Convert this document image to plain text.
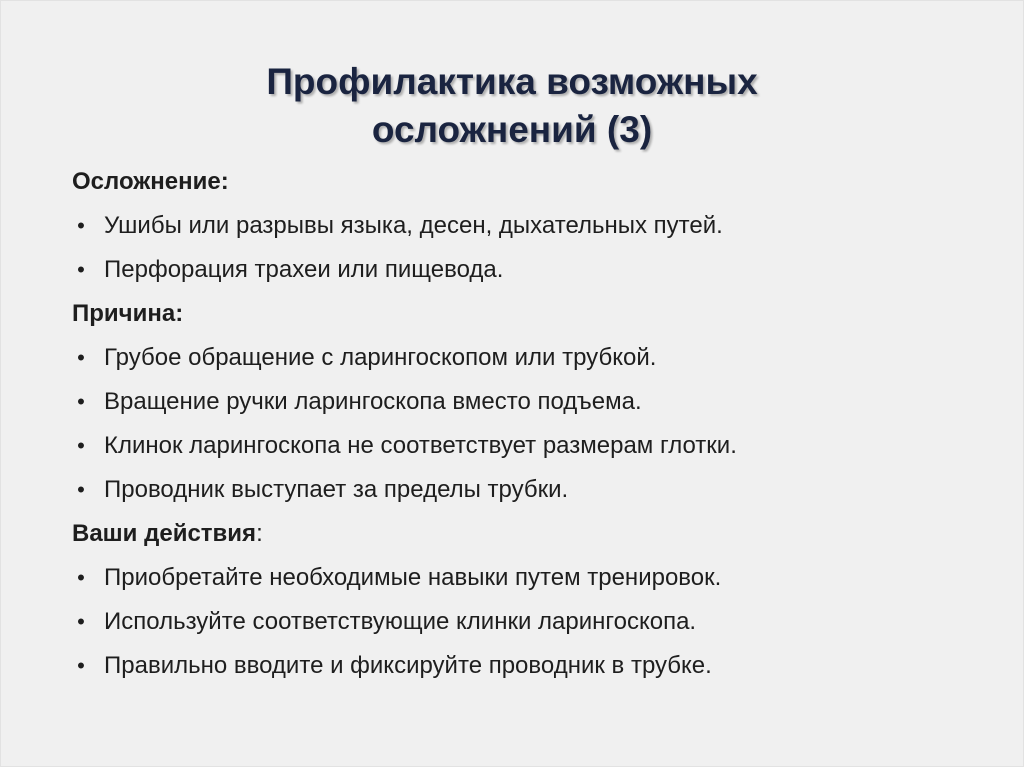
Профилактика возможных
осложнений (3)
Осложнение:
• Ушибы или разрывы языка, десен, дыхательных путей.
• Перфорация трахеи или пищевода.
Причина:
• Грубое обращение с ларингоскопом или трубкой.
• Вращение ручки ларингоскопа вместо подъема.
• Клинок ларингоскопа не соответствует размерам глотки.
• Проводник выступает за пределы трубки.
Ваши действия:
• Приобретайте необходимые навыки путем тренировок.
• Используйте соответствующие клинки ларингоскопа.
• Правильно вводите и фиксируйте проводник в трубке.
